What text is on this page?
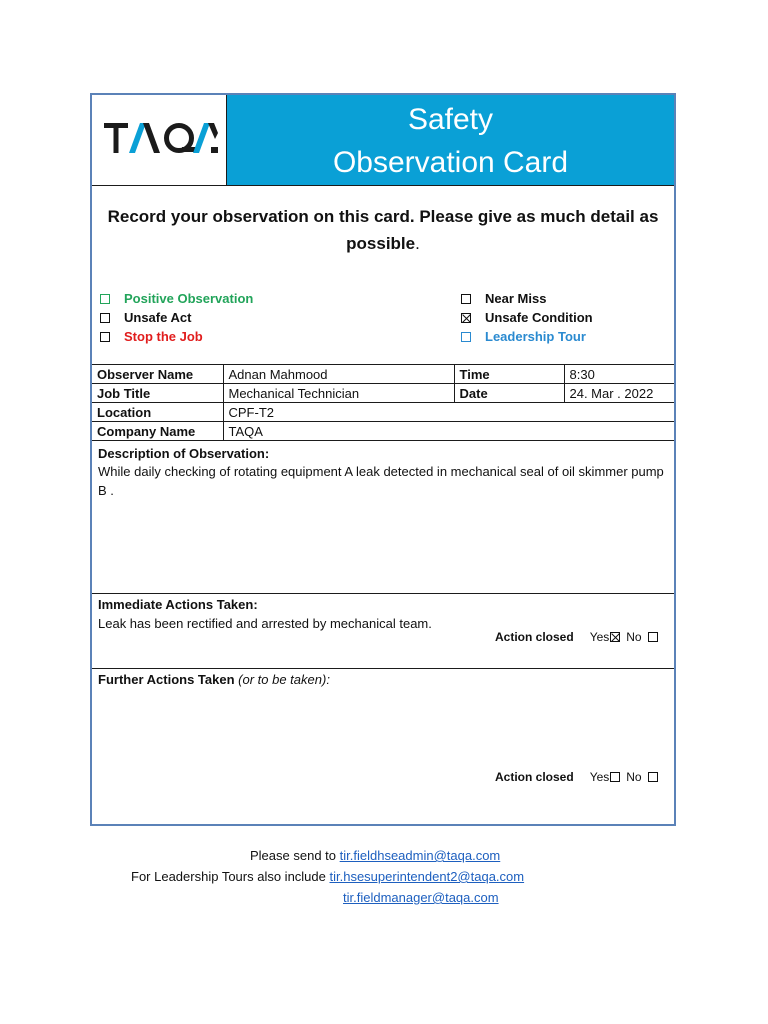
TAQA	Safety
Observation Card
Record your observation on this card. Please give as much detail as possible.
Positive Observation
Unsafe Act
Stop the Job
Near Miss
Unsafe Condition
Leadership Tour
Observer Name	Adnan Mahmood	Time	8:30
Job Title	Mechanical Technician	Date	24. Mar . 2022
Location	CPF-T2		
Company Name	TAQA		
Description of Observation:
While daily checking of rotating equipment A leak detected in mechanical seal of oil skimmer pump B .
Immediate Actions Taken:
Leak has been rectified and arrested by mechanical team.
Action closed Yes No
Further Actions Taken (or to be taken):
Action closed Yes No
Please send to tir.fieldhseadmin@taqa.com
For Leadership Tours also include tir.hsesuperintendent2@taqa.com
tir.fieldmanager@taqa.com
